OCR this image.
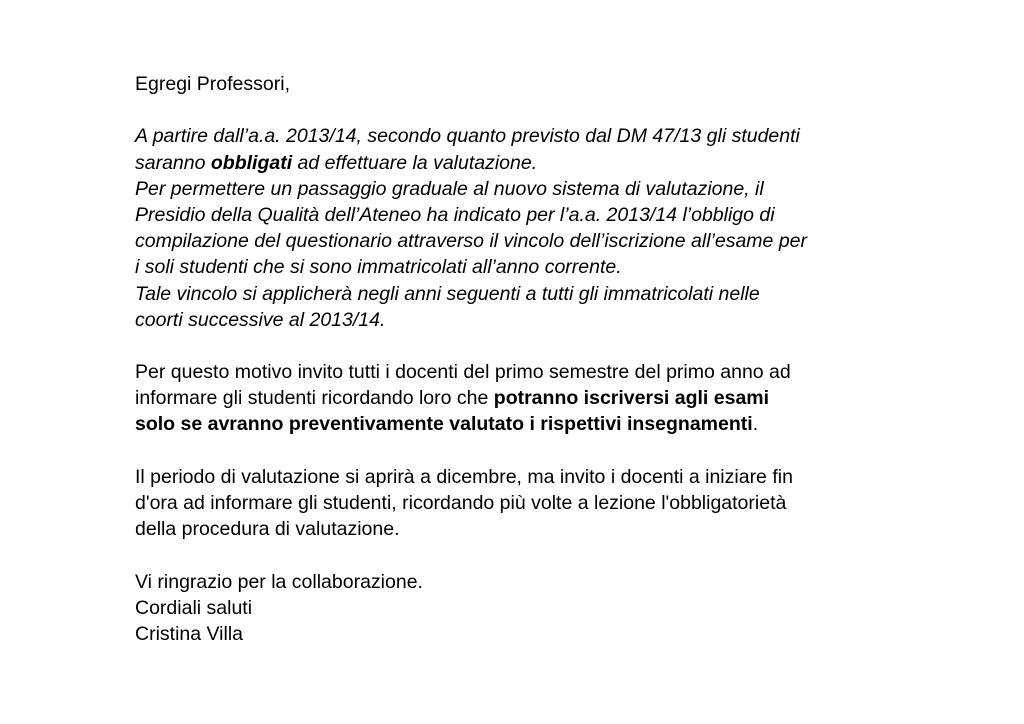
Egregi Professori,
A partire dall’a.a. 2013/14, secondo quanto previsto dal DM 47/13 gli studenti
saranno obbligati ad effettuare la valutazione.
Per permettere un passaggio graduale al nuovo sistema di valutazione, il
Presidio della Qualità dell’Ateneo ha indicato per l’a.a. 2013/14 l’obbligo di
compilazione del questionario attraverso il vincolo dell’iscrizione all’esame per
i soli studenti che si sono immatricolati all’anno corrente.
Tale vincolo si applicherà negli anni seguenti a tutti gli immatricolati nelle
coorti successive al 2013/14.
Per questo motivo invito tutti i docenti del primo semestre del primo anno ad
informare gli studenti ricordando loro che potranno iscriversi agli esami
solo se avranno preventivamente valutato i rispettivi insegnamenti.
Il periodo di valutazione si aprirà a dicembre, ma invito i docenti a iniziare fin
d'ora ad informare gli studenti, ricordando più volte a lezione l'obbligatorietà
della procedura di valutazione.
Vi ringrazio per la collaborazione.
Cordiali saluti
Cristina Villa
